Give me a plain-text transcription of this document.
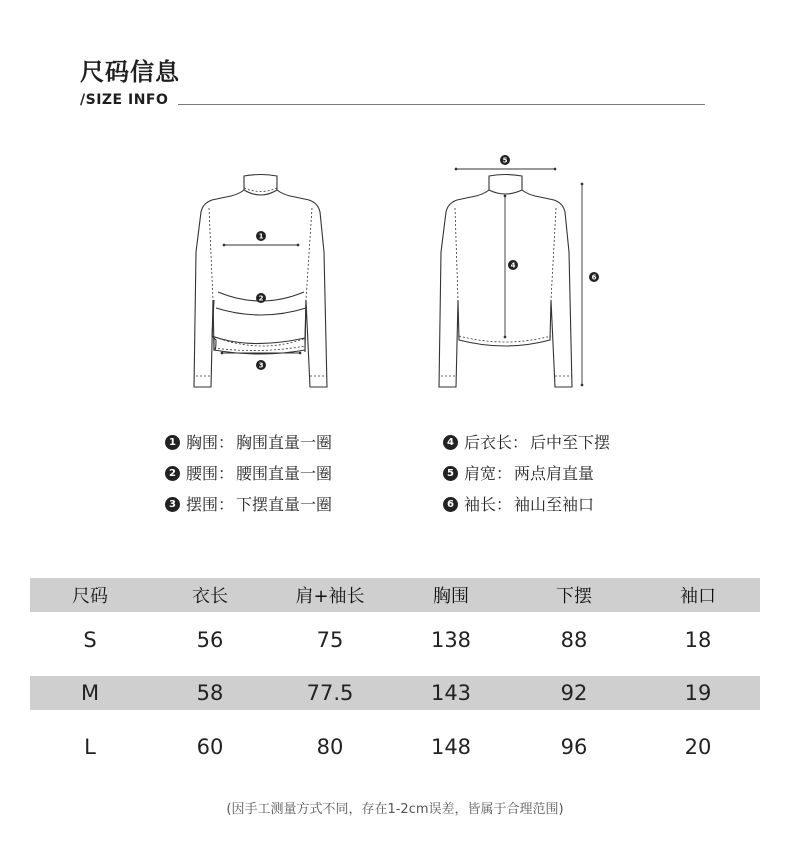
尺码信息
/SIZE INFO
1
2
3
4
5
6
1 胸围： 胸围直量一圈
2 腰围： 腰围直量一圈
3 摆围： 下摆直量一圈
4 后衣长： 后中至下摆
5 肩宽： 两点肩直量
6 袖长： 袖山至袖口
尺码	衣长	肩+袖长	胸围	下摆	袖口
S	56	75	138	88	18
M	58	77.5	143	92	19
L	60	80	148	96	20
(因手工测量方式不同，存在1-2cm误差，皆属于合理范围)
